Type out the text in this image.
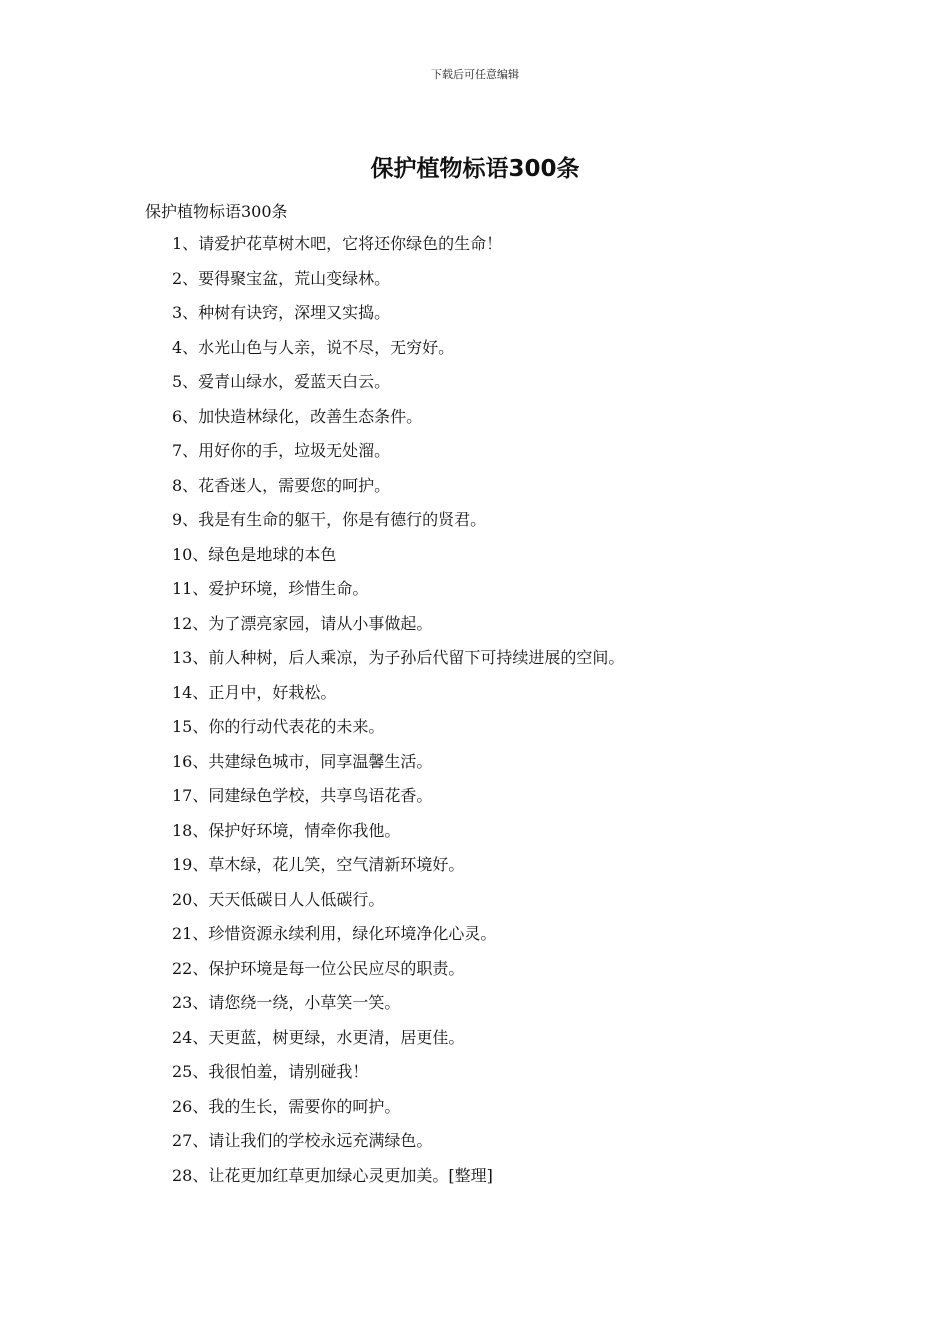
下载后可任意编辑
保护植物标语300条

保护植物标语300条

1、请爱护花草树木吧，它将还你绿色的生命！
2、要得聚宝盆，荒山变绿林。
3、种树有诀窍，深埋又实捣。
4、水光山色与人亲，说不尽，无穷好。
5、爱青山绿水，爱蓝天白云。
6、加快造林绿化，改善生态条件。
7、用好你的手，垃圾无处溜。
8、花香迷人，需要您的呵护。
9、我是有生命的躯干，你是有德行的贤君。
10、绿色是地球的本色
11、爱护环境，珍惜生命。
12、为了漂亮家园，请从小事做起。
13、前人种树，后人乘凉，为子孙后代留下可持续进展的空间。
14、正月中，好栽松。
15、你的行动代表花的未来。
16、共建绿色城市，同享温馨生活。
17、同建绿色学校，共享鸟语花香。
18、保护好环境，情牵你我他。
19、草木绿，花儿笑，空气清新环境好。
20、天天低碳日人人低碳行。
21、珍惜资源永续利用，绿化环境净化心灵。
22、保护环境是每一位公民应尽的职责。
23、请您绕一绕，小草笑一笑。
24、天更蓝，树更绿，水更清，居更佳。
25、我很怕羞，请别碰我！
26、我的生长，需要你的呵护。
27、请让我们的学校永远充满绿色。
28、让花更加红草更加绿心灵更加美。[整理]
